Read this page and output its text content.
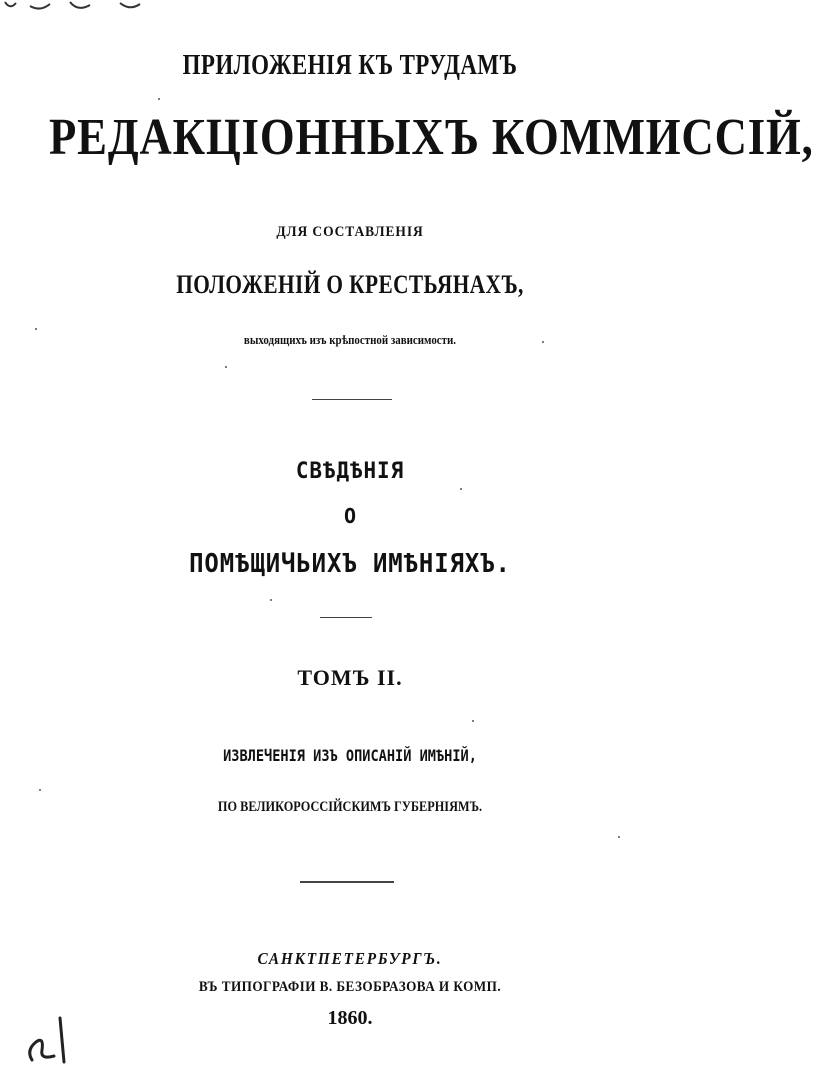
ПРИЛОЖЕНІЯ КЪ ТРУДАМЪ
РЕДАКЦІОННЫХЪ КОММИССІЙ,
ДЛЯ СОСТАВЛЕНІЯ
ПОЛОЖЕНІЙ О КРЕСТЬЯНАХЪ,
выходящихъ изъ крѣпостной зависимости.
СВѢДѢНІЯ
О
ПОМѢЩИЧЬИХЪ ИМѢНІЯХЪ.
ТОМЪ II.
ИЗВЛЕЧЕНІЯ ИЗЪ ОПИСАНІЙ ИМѢНІЙ,
ПО ВЕЛИКОРОССІЙСКИМЪ ГУБЕРНІЯМЪ.
САНКТПЕТЕРБУРГЪ.
ВЪ ТИПОГРАФІИ В. БЕЗОБРАЗОВА И КОМП.
1860.
